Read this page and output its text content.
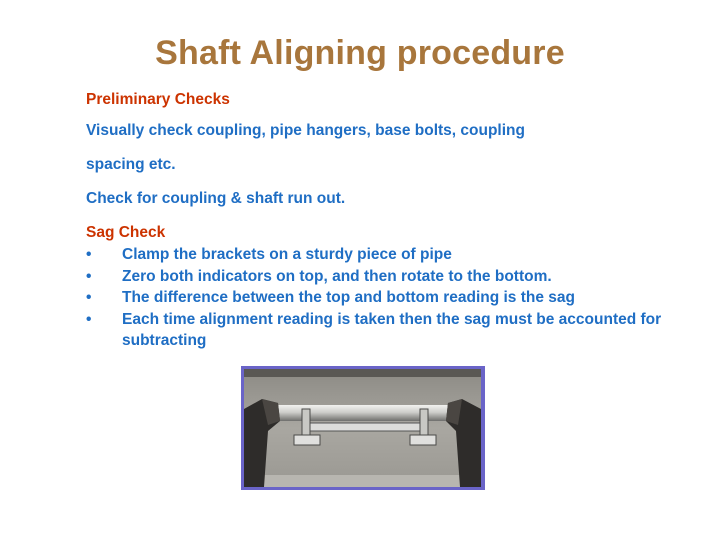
Shaft Aligning procedure

Preliminary Checks

Visually check coupling, pipe hangers, base bolts, coupling

spacing etc.

Check for coupling & shaft run out.

Sag Check

• Clamp the brackets on a sturdy piece of pipe
• Zero both indicators on top, and then rotate to the bottom.
• The difference between the top and bottom reading is the sag
• Each time alignment reading is taken then the sag must be accounted for subtracting
